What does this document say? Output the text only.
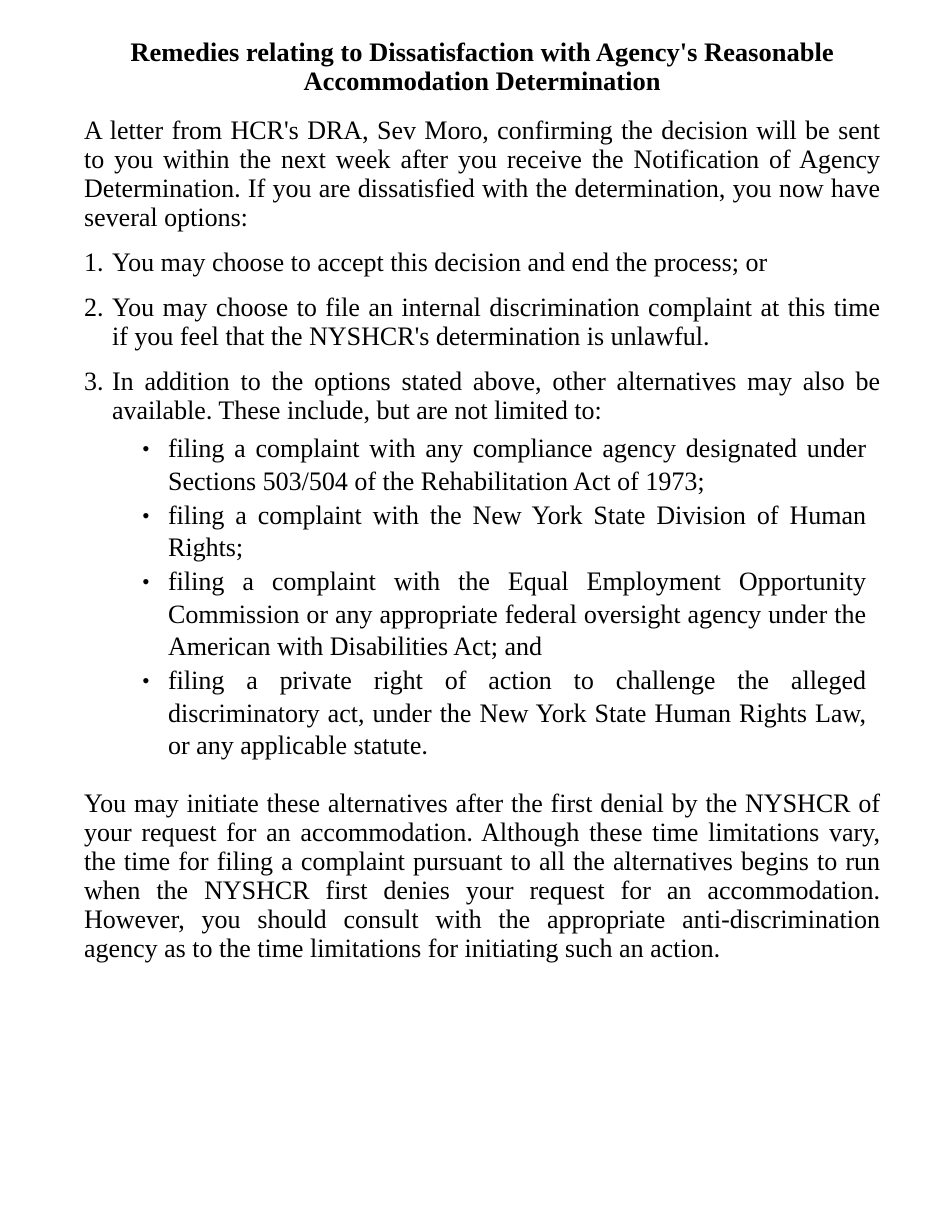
Remedies relating to Dissatisfaction with Agency's Reasonable Accommodation Determination

A letter from HCR's DRA, Sev Moro, confirming the decision will be sent to you within the next week after you receive the Notification of Agency Determination. If you are dissatisfied with the determination, you now have several options:

1. You may choose to accept this decision and end the process; or
2. You may choose to file an internal discrimination complaint at this time if you feel that the NYSHCR's determination is unlawful.
3. In addition to the options stated above, other alternatives may also be available. These include, but are not limited to:
• filing a complaint with any compliance agency designated under Sections 503/504 of the Rehabilitation Act of 1973;
• filing a complaint with the New York State Division of Human Rights;
• filing a complaint with the Equal Employment Opportunity Commission or any appropriate federal oversight agency under the American with Disabilities Act; and
• filing a private right of action to challenge the alleged discriminatory act, under the New York State Human Rights Law, or any applicable statute.

You may initiate these alternatives after the first denial by the NYSHCR of your request for an accommodation. Although these time limitations vary, the time for filing a complaint pursuant to all the alternatives begins to run when the NYSHCR first denies your request for an accommodation. However, you should consult with the appropriate anti-discrimination agency as to the time limitations for initiating such an action.
